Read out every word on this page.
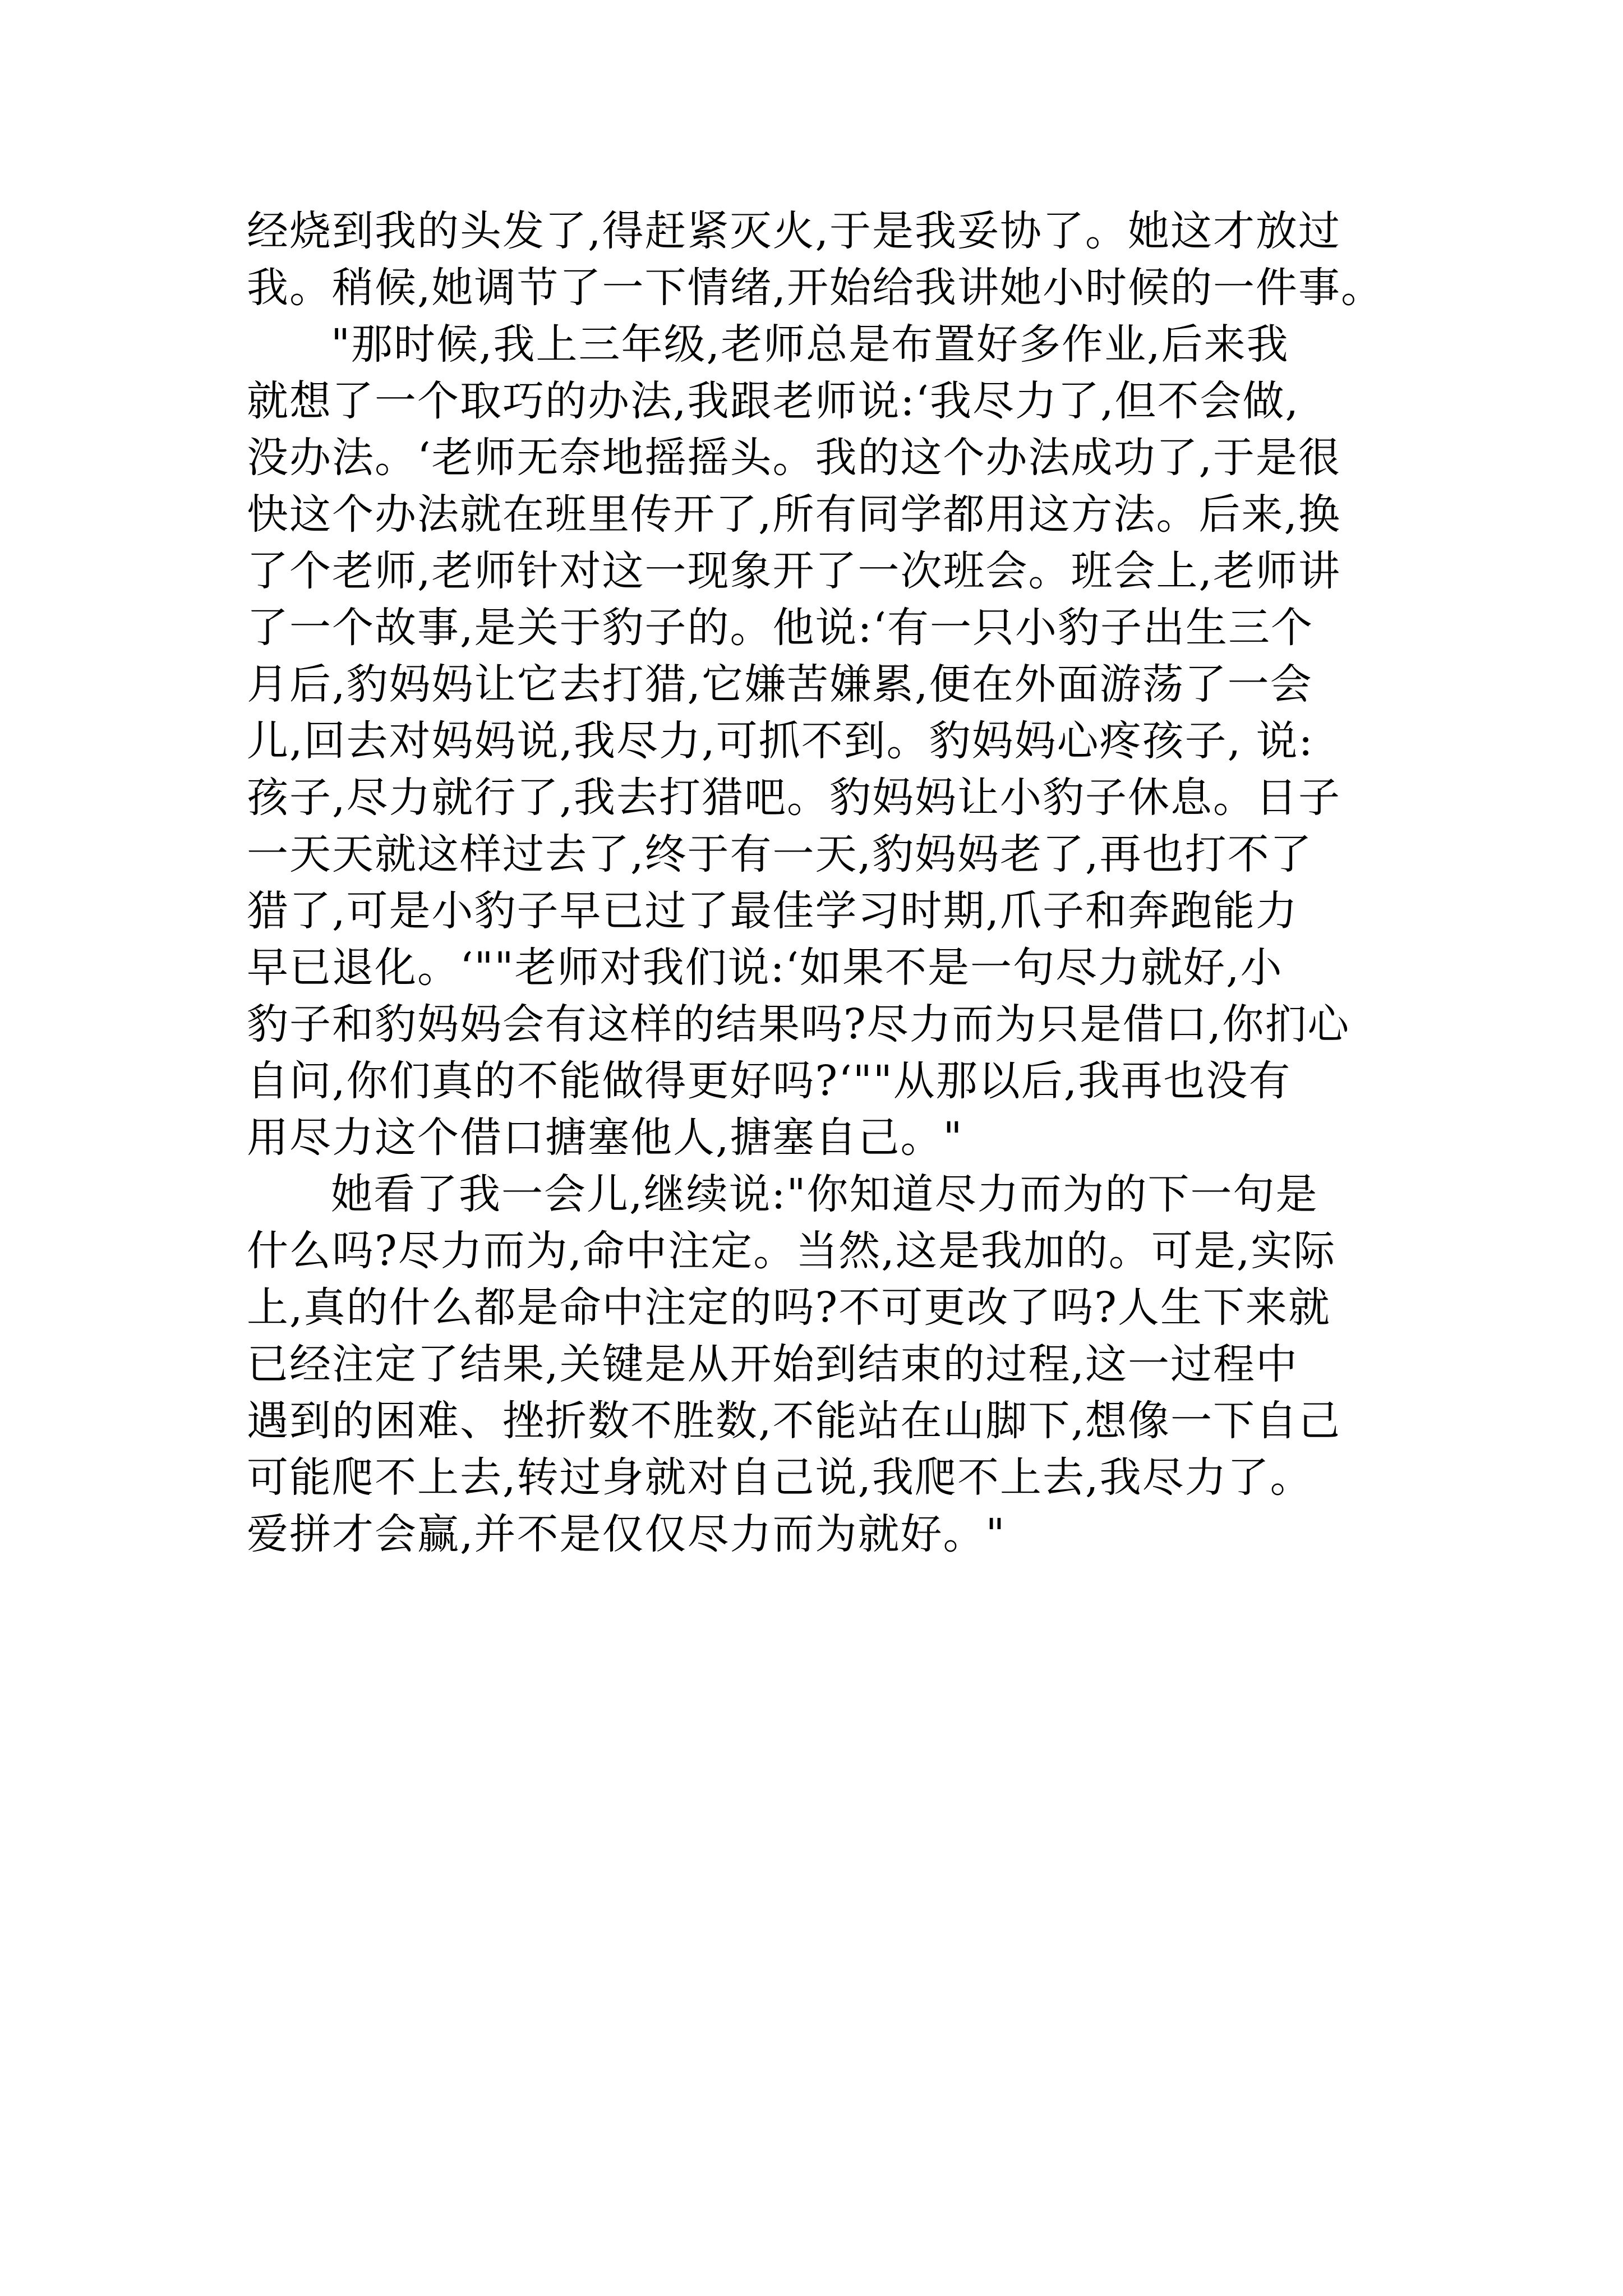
经烧到我的头发了,得赶紧灭火,于是我妥协了。她这才放过
我。稍候,她调节了一下情绪,开始给我讲她小时候的一件事。
"那时候,我上三年级,老师总是布置好多作业,后来我
就想了一个取巧的办法,我跟老师说:‘我尽力了,但不会做,
没办法。‘老师无奈地摇摇头。我的这个办法成功了,于是很
快这个办法就在班里传开了,所有同学都用这方法。后来,换
了个老师,老师针对这一现象开了一次班会。班会上,老师讲
了一个故事,是关于豹子的。他说:‘有一只小豹子出生三个
月后,豹妈妈让它去打猎,它嫌苦嫌累,便在外面游荡了一会
儿,回去对妈妈说,我尽力,可抓不到。豹妈妈心疼孩子, 说:
孩子,尽力就行了,我去打猎吧。豹妈妈让小豹子休息。日子
一天天就这样过去了,终于有一天,豹妈妈老了,再也打不了
猎了,可是小豹子早已过了最佳学习时期,爪子和奔跑能力
早已退化。‘""老师对我们说:‘如果不是一句尽力就好,小
豹子和豹妈妈会有这样的结果吗?尽力而为只是借口,你扪心
自问,你们真的不能做得更好吗?‘""从那以后,我再也没有
用尽力这个借口搪塞他人,搪塞自己。"
她看了我一会儿,继续说:"你知道尽力而为的下一句是
什么吗?尽力而为,命中注定。当然,这是我加的。可是,实际
上,真的什么都是命中注定的吗?不可更改了吗?人生下来就
已经注定了结果,关键是从开始到结束的过程,这一过程中
遇到的困难、挫折数不胜数,不能站在山脚下,想像一下自己
可能爬不上去,转过身就对自己说,我爬不上去,我尽力了。
爱拼才会赢,并不是仅仅尽力而为就好。"
